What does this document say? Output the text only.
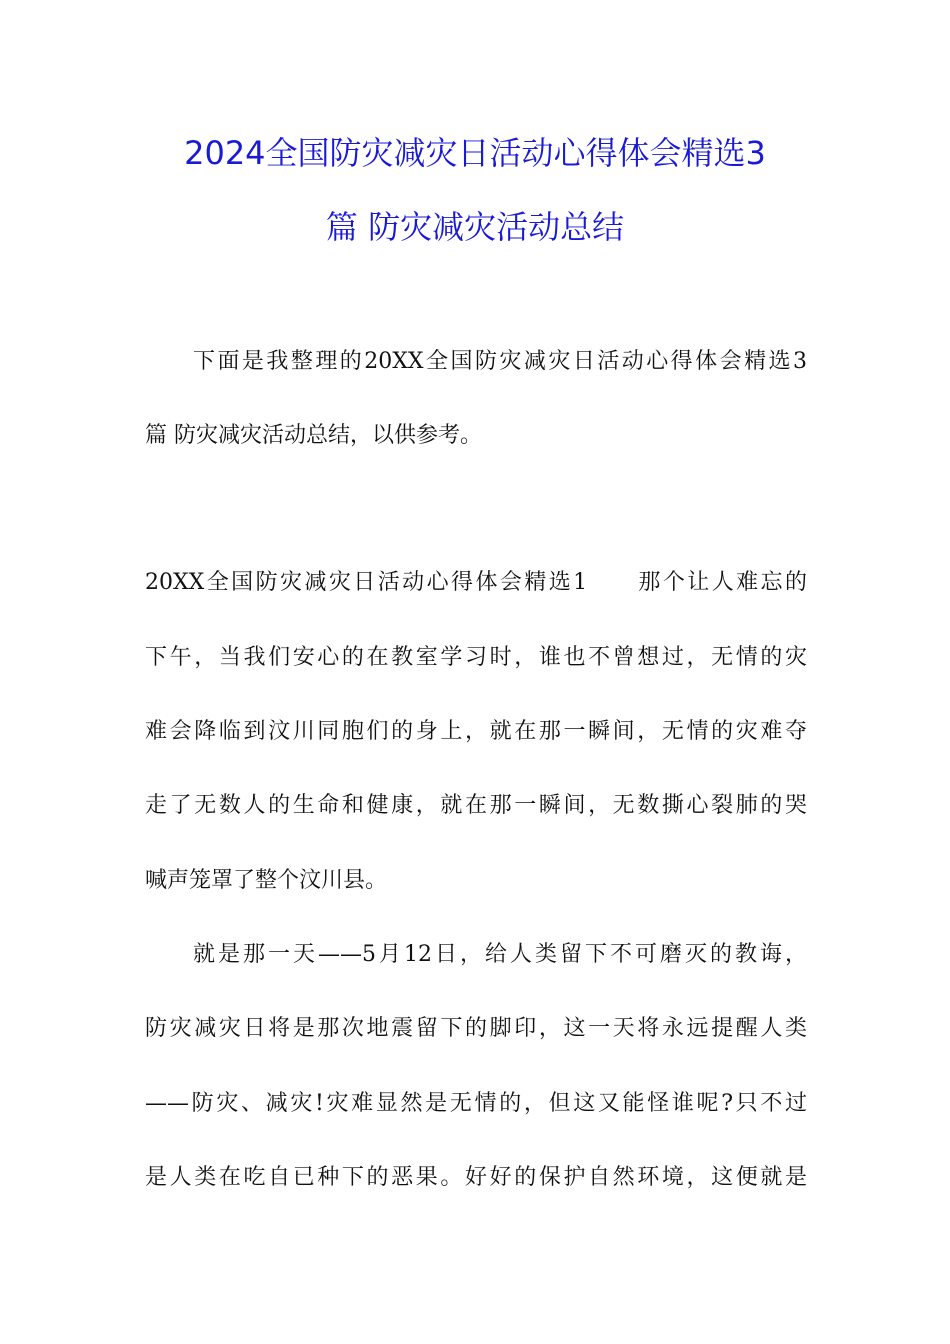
2024全国防灾减灾日活动心得体会精选3
篇 防灾减灾活动总结
下面是我整理的20XX全国防灾减灾日活动心得体会精选3
篇 防灾减灾活动总结，以供参考。
20XX全国防灾减灾日活动心得体会精选1　　那个让人难忘的
下午，当我们安心的在教室学习时，谁也不曾想过，无情的灾
难会降临到汶川同胞们的身上，就在那一瞬间，无情的灾难夺
走了无数人的生命和健康，就在那一瞬间，无数撕心裂肺的哭
喊声笼罩了整个汶川县。
就是那一天——5月12日，给人类留下不可磨灭的教诲，
防灾减灾日将是那次地震留下的脚印，这一天将永远提醒人类
——防灾、减灾!灾难显然是无情的，但这又能怪谁呢?只不过
是人类在吃自已种下的恶果。好好的保护自然环境，这便就是
